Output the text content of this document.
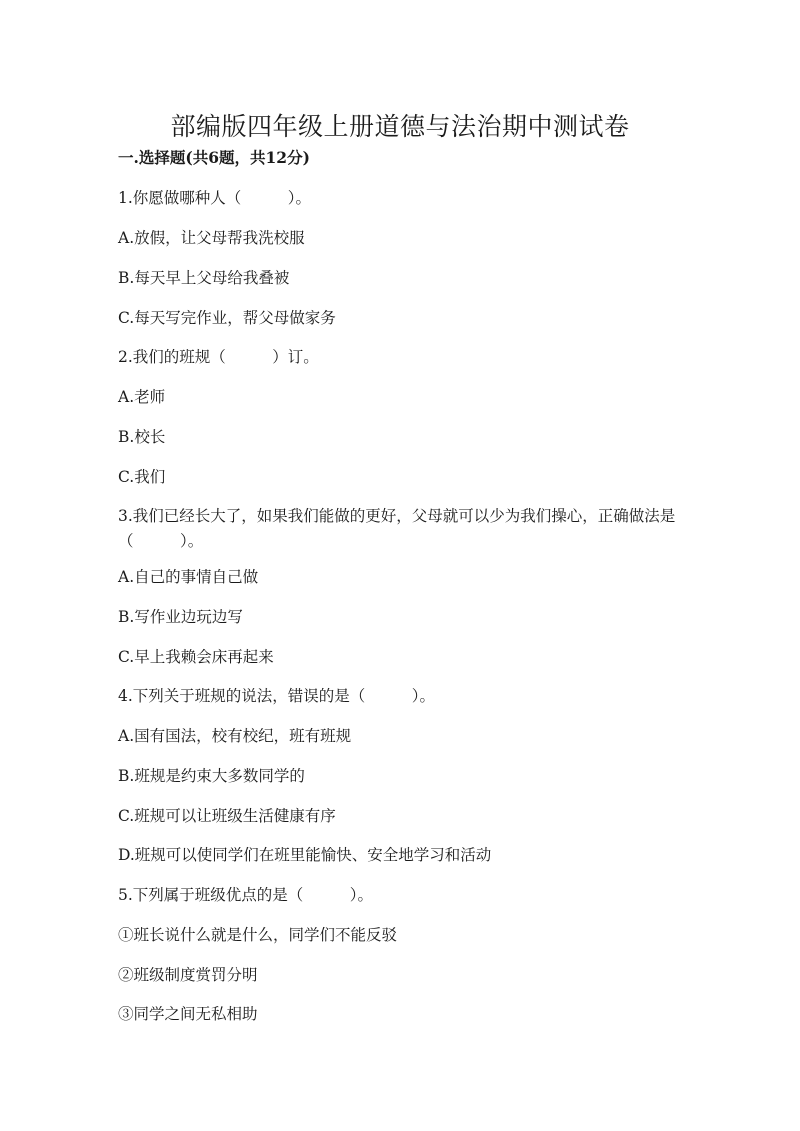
部编版四年级上册道德与法治期中测试卷
一.选择题(共6题，共12分)
1.你愿做哪种人（　　　）。
A.放假，让父母帮我洗校服
B.每天早上父母给我叠被
C.每天写完作业，帮父母做家务
2.我们的班规（　　　）订。
A.老师
B.校长
C.我们
3.我们已经长大了，如果我们能做的更好，父母就可以少为我们操心，正确做法是（　　　）。
A.自己的事情自己做
B.写作业边玩边写
C.早上我赖会床再起来
4.下列关于班规的说法，错误的是（　　　）。
A.国有国法，校有校纪，班有班规
B.班规是约束大多数同学的
C.班规可以让班级生活健康有序
D.班规可以使同学们在班里能愉快、安全地学习和活动
5.下列属于班级优点的是（　　　）。
①班长说什么就是什么，同学们不能反驳
②班级制度赏罚分明
③同学之间无私相助
